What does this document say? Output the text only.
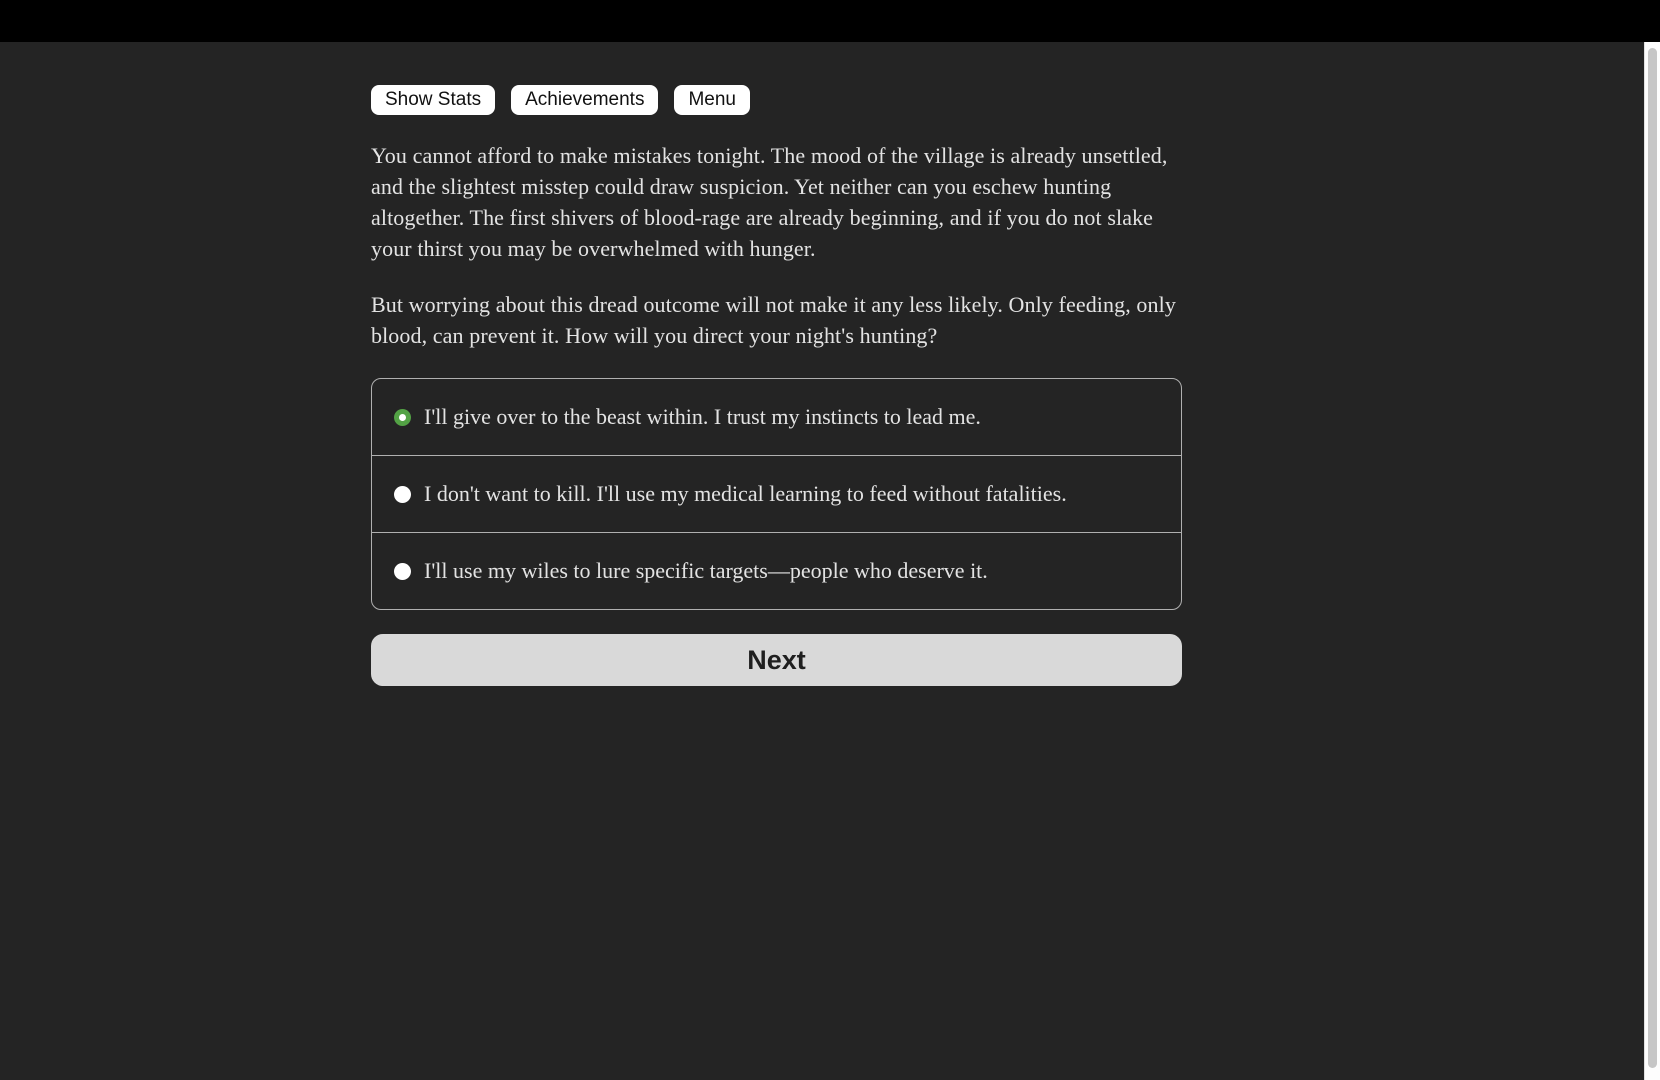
Show Stats	Achievements	Menu

You cannot afford to make mistakes tonight. The mood of the village is already unsettled, and the slightest misstep could draw suspicion. Yet neither can you eschew hunting altogether. The first shivers of blood-rage are already beginning, and if you do not slake your thirst you may be overwhelmed with hunger.

But worrying about this dread outcome will not make it any less likely. Only feeding, only blood, can prevent it. How will you direct your night's hunting?

I'll give over to the beast within. I trust my instincts to lead me.
I don't want to kill. I'll use my medical learning to feed without fatalities.
I'll use my wiles to lure specific targets—people who deserve it.
Next
